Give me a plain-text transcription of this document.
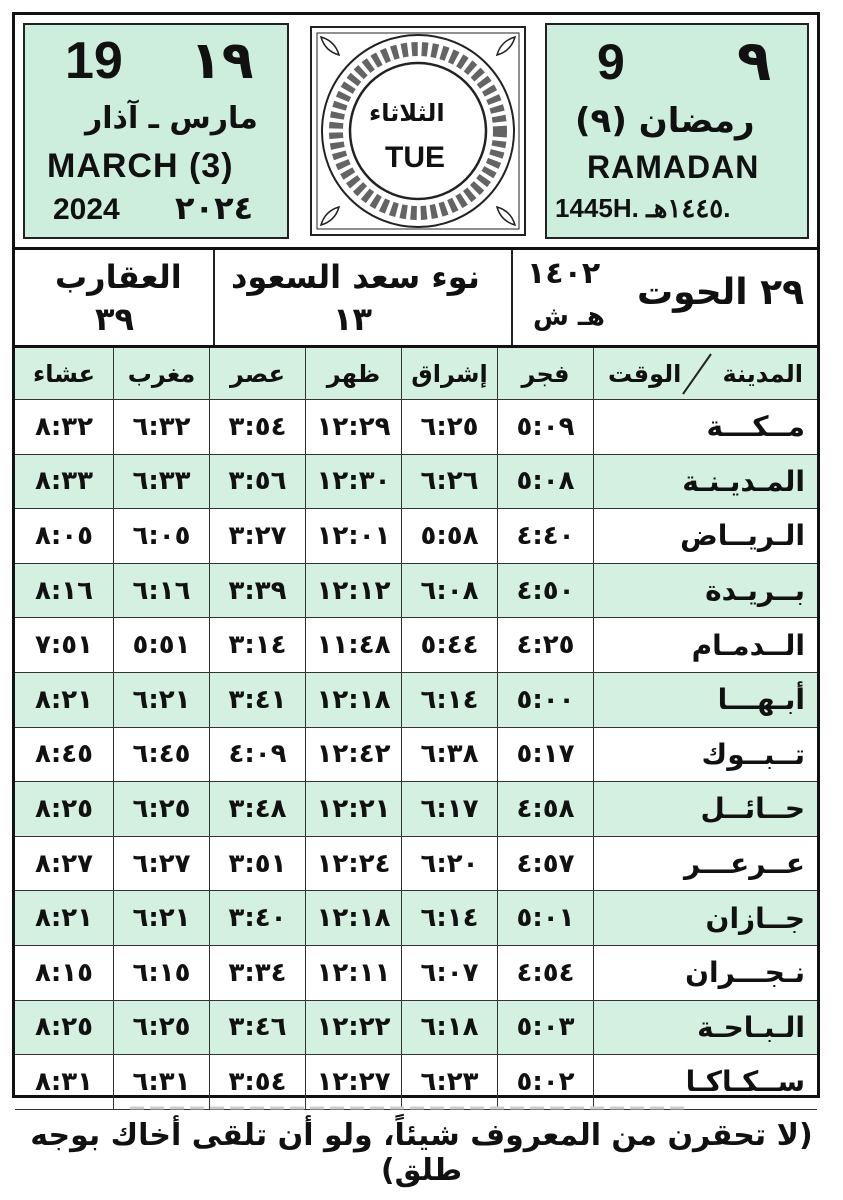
19 ١٩
مارس ـ آذار
MARCH (3)
2024 ٢٠٢٤
الثلاثاء
TUE
9 ٩
رمضان (٩)
RAMADAN
1445H. ١٤٤٥هـ.
العقارب
٣٩
نوء سعد السعود
١٣
١٤٠٢
هـ ش
٢٩ الحوت
عشاء	مغرب	عصر	ظهر	إشراق	فجر	الوقت المدينة
٨:٣٢	٦:٣٢	٣:٥٤	١٢:٢٩	٦:٢٥	٥:٠٩	مــكـــة
٨:٣٣	٦:٣٣	٣:٥٦	١٢:٣٠	٦:٢٦	٥:٠٨	المـديـنـة
٨:٠٥	٦:٠٥	٣:٢٧	١٢:٠١	٥:٥٨	٤:٤٠	الـريــاض
٨:١٦	٦:١٦	٣:٣٩	١٢:١٢	٦:٠٨	٤:٥٠	بــريـدة
٧:٥١	٥:٥١	٣:١٤	١١:٤٨	٥:٤٤	٤:٢٥	الــدمـام
٨:٢١	٦:٢١	٣:٤١	١٢:١٨	٦:١٤	٥:٠٠	أبـهـــا
٨:٤٥	٦:٤٥	٤:٠٩	١٢:٤٢	٦:٣٨	٥:١٧	تــبــوك
٨:٢٥	٦:٢٥	٣:٤٨	١٢:٢١	٦:١٧	٤:٥٨	حــائــل
٨:٢٧	٦:٢٧	٣:٥١	١٢:٢٤	٦:٢٠	٤:٥٧	عــرعـــر
٨:٢١	٦:٢١	٣:٤٠	١٢:١٨	٦:١٤	٥:٠١	جــازان
٨:١٥	٦:١٥	٣:٣٤	١٢:١١	٦:٠٧	٤:٥٤	نـجـــران
٨:٢٥	٦:٢٥	٣:٤٦	١٢:٢٢	٦:١٨	٥:٠٣	الـبـاحـة
٨:٣١	٦:٣١	٣:٥٤	١٢:٢٧	٦:٢٣	٥:٠٢	ســكـاكـا
(لا تحقرن من المعروف شيئاً، ولو أن تلقى أخاك بوجه طلق)
